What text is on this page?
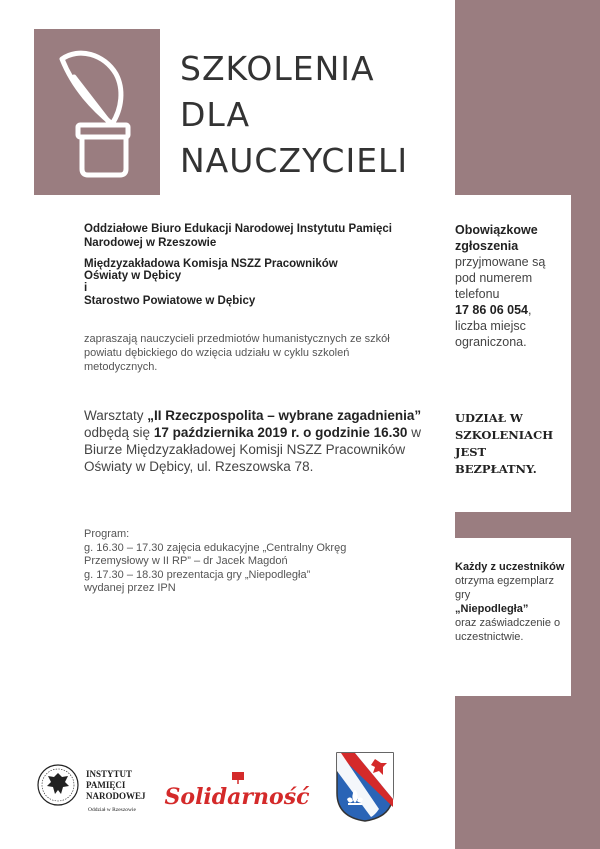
SZKOLENIA
DLA
NAUCZYCIELI
Oddziałowe Biuro Edukacji Narodowej Instytutu Pamięci Narodowej w Rzeszowie
Międzyzakładowa Komisja NSZZ Pracowników
Oświaty w Dębicy
i
Starostwo Powiatowe w Dębicy
zapraszają nauczycieli przedmiotów humanistycznych ze szkół powiatu dębickiego do wzięcia udziału w cyklu szkoleń metodycznych.
Warsztaty „II Rzeczpospolita – wybrane zagadnienia” odbędą się 17 października 2019 r. o godzinie 16.30 w Biurze Międzyzakładowej Komisji NSZZ Pracowników Oświaty w Dębicy, ul. Rzeszowska 78.
Program:
g. 16.30 – 17.30 zajęcia edukacyjne „Centralny Okręg
Przemysłowy w II RP” – dr Jacek Magdoń
g. 17.30 – 18.30 prezentacja gry „Niepodległa”
wydanej przez IPN
Obowiązkowe zgłoszenia
przyjmowane są pod numerem telefonu
17 86 06 054, liczba miejsc ograniczona.
UDZIAŁ W SZKOLENIACH JEST BEZPŁATNY.
Każdy z uczestników
otrzyma egzemplarz gry
„Niepodległa”
oraz zaświadczenie o uczestnictwie.
INSTYTUT
PAMIĘCI
NARODOWEJ
Oddział w Rzeszowie Solidarność
